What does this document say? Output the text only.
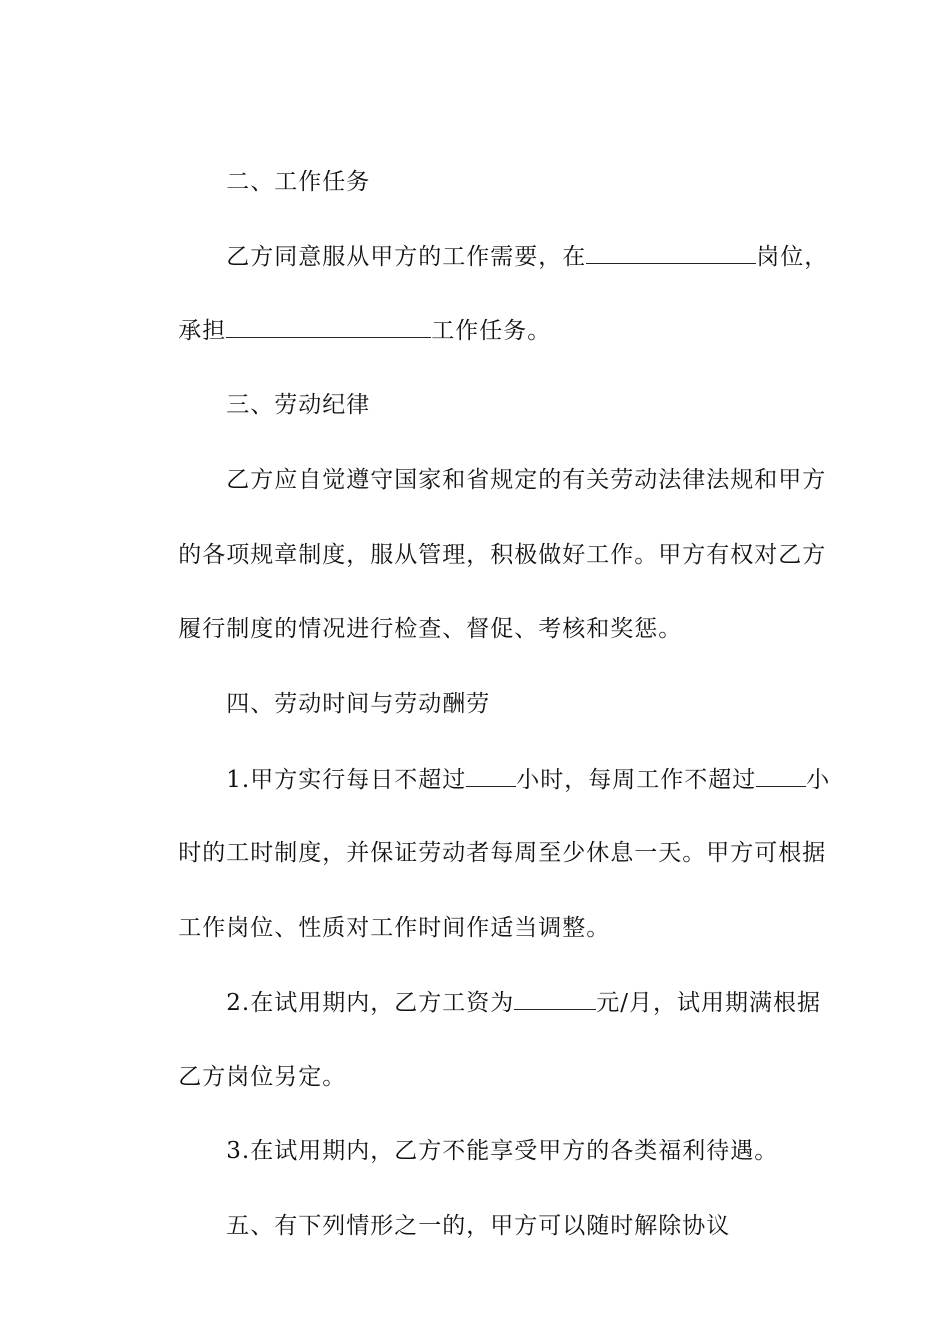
二、工作任务

乙方同意服从甲方的工作需要，在	岗位，

承担	工作任务。

三、劳动纪律

乙方应自觉遵守国家和省规定的有关劳动法律法规和甲方

的各项规章制度，服从管理，积极做好工作。甲方有权对乙方

履行制度的情况进行检查、督促、考核和奖惩。

四、劳动时间与劳动酬劳

1.甲方实行每日不超过 小时，每周工作不超过 小

时的工时制度，并保证劳动者每周至少休息一天。甲方可根据

工作岗位、性质对工作时间作适当调整。

2.在试用期内，乙方工资为	元/月，试用期满根据

乙方岗位另定。

3.在试用期内，乙方不能享受甲方的各类福利待遇。

五、有下列情形之一的，甲方可以随时解除协议
